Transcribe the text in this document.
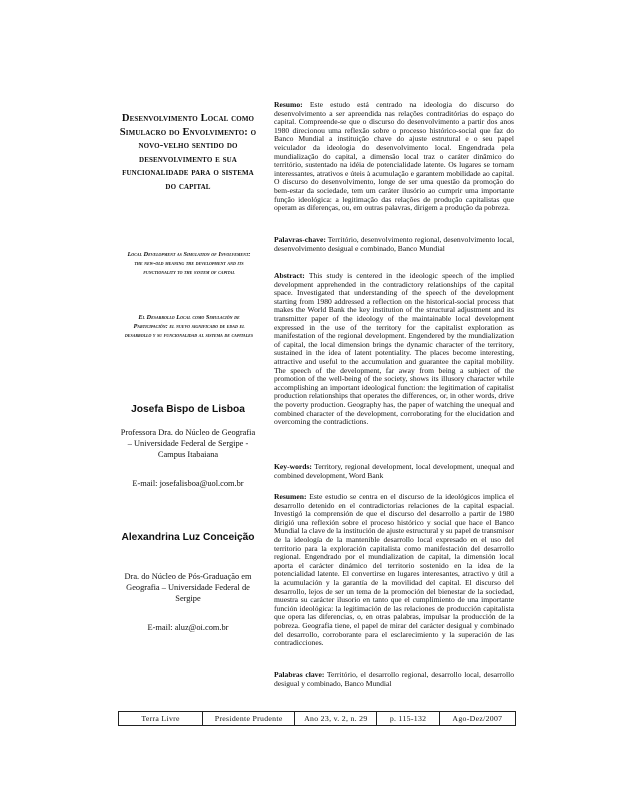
Desenvolvimento Local como Simulacro do Envolvimento: o novo-velho sentido do desenvolvimento e sua funcionalidade para o sistema do capital
Local Development as Simulation of Involvement: the new-old meaning the development and its functionality to the system of capital
El Desarrollo Local como Simulación de Participación: el nuevo significado de edad el desarrollo y su funcionalidad al sistema de capitales
Josefa Bispo de Lisboa
Professora Dra. do Núcleo de Geografia – Universidade Federal de Sergipe - Campus Itabaiana
E-mail: josefalisboa@uol.com.br
Alexandrina Luz Conceição
Dra. do Núcleo de Pós-Graduação em Geografia – Universidade Federal de Sergipe
E-mail: aluz@oi.com.br

Resumo: Este estudo está centrado na ideologia do discurso do desenvolvimento a ser apreendida nas relações contraditórias do espaço do capital. Compreende-se que o discurso do desenvolvimento a partir dos anos 1980 direcionou uma reflexão sobre o processo histórico-social que faz do Banco Mundial a instituição chave do ajuste estrutural e o seu papel veiculador da ideologia do desenvolvimento local. Engendrada pela mundialização do capital, a dimensão local traz o caráter dinâmico do território, sustentado na idéia de potencialidade latente. Os lugares se tornam interessantes, atrativos e úteis à acumulação e garantem mobilidade ao capital. O discurso do desenvolvimento, longe de ser uma questão da promoção do bem-estar da sociedade, tem um caráter ilusório ao cumprir uma importante função ideológica: a legitimação das relações de produção capitalistas que operam as diferenças, ou, em outras palavras, dirigem a produção da pobreza.

Palavras-chave: Território, desenvolvimento regional, desenvolvimento local, desenvolvimento desigual e combinado, Banco Mundial

Abstract: This study is centered in the ideologic speech of the implied development apprehended in the contradictory relationships of the capital space. Investigated that understanding of the speech of the development starting from 1980 addressed a reflection on the historical-social process that makes the World Bank the key institution of the structural adjustment and its transmitter paper of the ideology of the maintainable local development expressed in the use of the territory for the capitalist exploration as manifestation of the regional development. Engendered by the mundialization of capital, the local dimension brings the dynamic character of the territory, sustained in the idea of latent potentiality. The places become interesting, attractive and useful to the accumulation and guarantee the capital mobility. The speech of the development, far away from being a subject of the promotion of the well-being of the society, shows its illusory character while accomplishing an important ideological function: the legitimation of capitalist production relationships that operates the differences, or, in other words, drive the poverty production. Geography has, the paper of watching the unequal and combined character of the development, corroborating for the elucidation and overcoming the contradictions.

Key-words: Territory, regional development, local development, unequal and combined development, Word Bank

Resumen: Este estudio se centra en el discurso de la ideológicos implica el desarrollo detenido en el contradictorias relaciones de la capital espacial. Investigó la comprensión de que el discurso del desarrollo a partir de 1980 dirigió una reflexión sobre el proceso histórico y social que hace el Banco Mundial la clave de la institución de ajuste estructural y su papel de transmisor de la ideología de la mantenible desarrollo local expresado en el uso del territorio para la exploración capitalista como manifestación del desarrollo regional. Engendrado por el mundialization de capital, la dimensión local aporta el carácter dinámico del territorio sostenido en la idea de la potencialidad latente. El convertirse en lugares interesantes, atractivo y útil a la acumulación y la garantía de la movilidad del capital. El discurso del desarrollo, lejos de ser un tema de la promoción del bienestar de la sociedad, muestra su carácter ilusorio en tanto que el cumplimiento de una importante función ideológica: la legitimación de las relaciones de producción capitalista que opera las diferencias, o, en otras palabras, impulsar la producción de la pobreza. Geografía tiene, el papel de mirar del carácter desigual y combinado del desarrollo, corroborante para el esclarecimiento y la superación de las contradicciones.

Palabras clave: Território, el desarrollo regional, desarrollo local, desarrollo desigual y combinado, Banco Mundial

Terra Livre	Presidente Prudente	Ano 23, v. 2, n. 29	p. 115-132	Ago-Dez/2007
